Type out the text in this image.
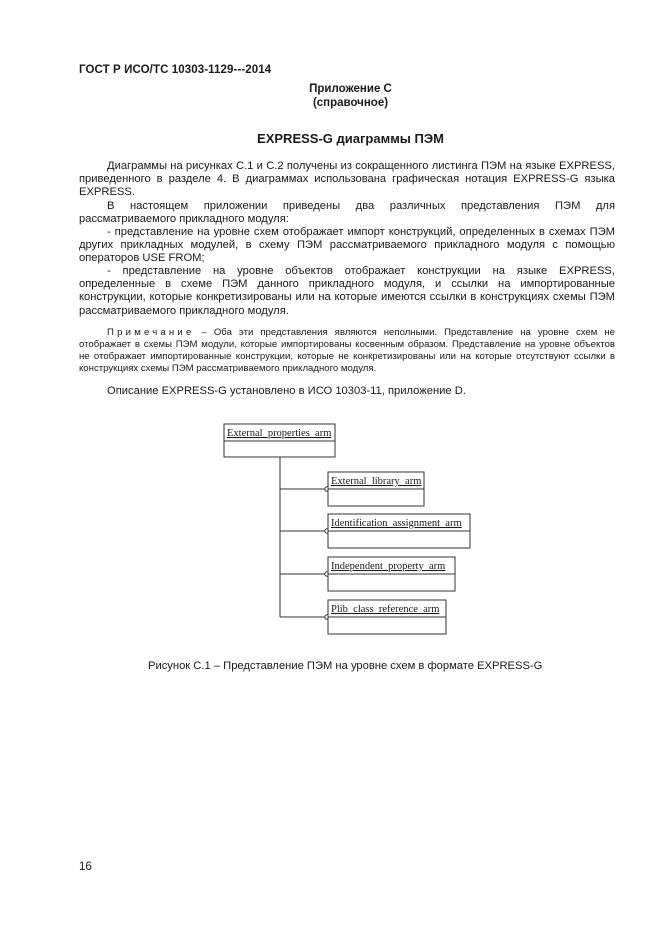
ГОСТ Р ИСО/ТС 10303-1129---2014
Приложение С
(справочное)
EXPRESS-G диаграммы ПЭМ
Диаграммы на рисунках С.1 и С.2 получены из сокращенного листинга ПЭМ на языке EXPRESS, приведенного в разделе 4. В диаграммах использована графическая нотация EXPRESS-G языка EXPRESS.
В настоящем приложении приведены два различных представления ПЭМ для рассматриваемого прикладного модуля:
- представление на уровне схем отображает импорт конструкций, определенных в схемах ПЭМ других прикладных модулей, в схему ПЭМ рассматриваемого прикладного модуля с помощью операторов USE FROM;
- представление на уровне объектов отображает конструкции на языке EXPRESS, определенные в схеме ПЭМ данного прикладного модуля, и ссылки на импортированные конструкции, которые конкретизированы или на которые имеются ссылки в конструкциях схемы ПЭМ рассматриваемого прикладного модуля.
Примечание – Оба эти представления являются неполными. Представление на уровне схем не отображает в схемы ПЭМ модули, которые импортированы косвенным образом. Представление на уровне объектов не отображает импортированные конструкции, которые не конкретизированы или на которые отсутствуют ссылки в конструкциях схемы ПЭМ рассматриваемого прикладного модуля.
Описание EXPRESS-G установлено в ИСО 10303-11, приложение D.
External_properties_arm
External_library_arm
Identification_assignment_arm
Independent_property_arm
Plib_class_reference_arm
Рисунок С.1 – Представление ПЭМ на уровне схем в формате EXPRESS-G
16
